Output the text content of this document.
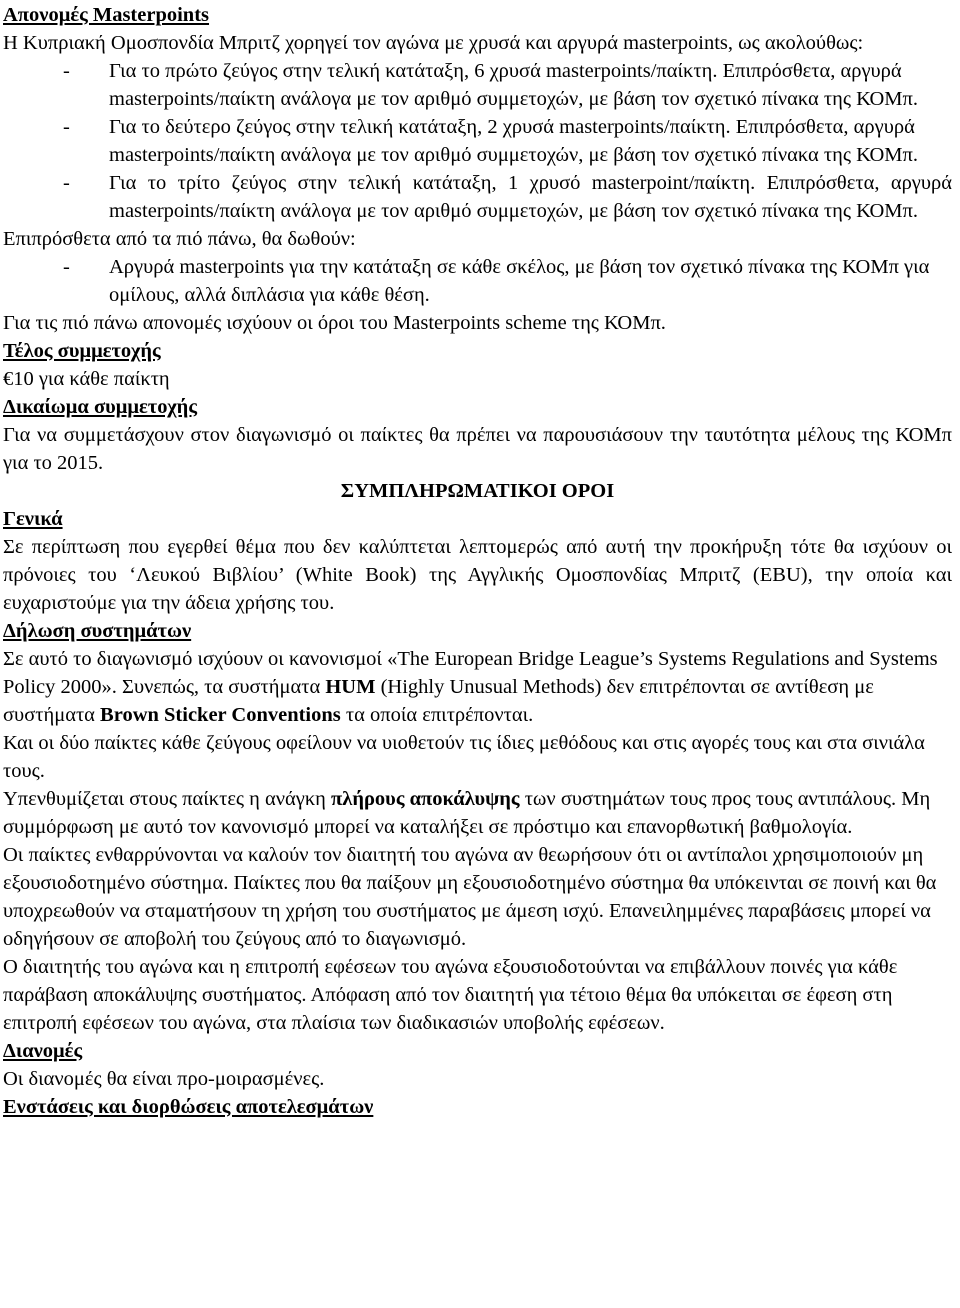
Απονομές Masterpoints

Η Κυπριακή Ομοσπονδία Μπριτζ χορηγεί τον αγώνα με χρυσά και αργυρά masterpoints, ως ακολούθως:

-	Για το πρώτο ζεύγος στην τελική κατάταξη, 6 χρυσά masterpoints/παίκτη. Επιπρόσθετα, αργυρά masterpoints/παίκτη ανάλογα με τον αριθμό συμμετοχών, με βάση τον σχετικό πίνακα της ΚΟΜπ.
-	Για το δεύτερο ζεύγος στην τελική κατάταξη, 2 χρυσά masterpoints/παίκτη. Επιπρόσθετα, αργυρά masterpoints/παίκτη ανάλογα με τον αριθμό συμμετοχών, με βάση τον σχετικό πίνακα της ΚΟΜπ.
-	Για το τρίτο ζεύγος στην τελική κατάταξη, 1 χρυσό masterpoint/παίκτη. Επιπρόσθετα, αργυρά masterpoints/παίκτη ανάλογα με τον αριθμό συμμετοχών, με βάση τον σχετικό πίνακα της ΚΟΜπ.

Επιπρόσθετα από τα πιό πάνω, θα δωθούν:

-	Αργυρά masterpoints για την κατάταξη σε κάθε σκέλος, με βάση τον σχετικό πίνακα της ΚΟΜπ για ομίλους, αλλά διπλάσια για κάθε θέση.

Για τις πιό πάνω απονομές ισχύουν οι όροι του Masterpoints scheme της ΚΟΜπ.

Τέλος συμμετοχής

€10 για κάθε παίκτη

Δικαίωμα συμμετοχής

Για να συμμετάσχουν στον διαγωνισμό οι παίκτες θα πρέπει να παρουσιάσουν την ταυτότητα μέλους της ΚΟΜπ για το 2015.

ΣΥΜΠΛΗΡΩΜΑΤΙΚΟΙ ΟΡΟΙ

Γενικά

Σε περίπτωση που εγερθεί θέμα που δεν καλύπτεται λεπτομερώς από αυτή την προκήρυξη τότε θα ισχύουν οι πρόνοιες του ‘Λευκού Βιβλίου’ (White Book) της Αγγλικής Ομοσπονδίας Μπριτζ (EBU), την οποία και ευχαριστούμε για την άδεια χρήσης του.

Δήλωση συστημάτων

Σε αυτό το διαγωνισμό ισχύουν οι κανονισμοί «The European Bridge League’s Systems Regulations and Systems Policy 2000». Συνεπώς, τα συστήματα HUM (Highly Unusual Methods) δεν επιτρέπονται σε αντίθεση με συστήματα Brown Sticker Conventions τα οποία επιτρέπονται.

Και οι δύο παίκτες κάθε ζεύγους οφείλουν να υιοθετούν τις ίδιες μεθόδους και στις αγορές τους και στα σινιάλα τους.

Υπενθυμίζεται στους παίκτες η ανάγκη πλήρους αποκάλυψης των συστημάτων τους προς τους αντιπάλους. Μη συμμόρφωση με αυτό τον κανονισμό μπορεί να καταλήξει σε πρόστιμο και επανορθωτική βαθμολογία.

Οι παίκτες ενθαρρύνονται να καλούν τον διαιτητή του αγώνα αν θεωρήσουν ότι οι αντίπαλοι χρησιμοποιούν μη εξουσιοδοτημένο σύστημα. Παίκτες που θα παίξουν μη εξουσιοδοτημένο σύστημα θα υπόκεινται σε ποινή και θα υποχρεωθούν να σταματήσουν τη χρήση του συστήματος με άμεση ισχύ. Επανειλημμένες παραβάσεις μπορεί να οδηγήσουν σε αποβολή του ζεύγους από το διαγωνισμό.

Ο διαιτητής του αγώνα και η επιτροπή εφέσεων του αγώνα εξουσιοδοτούνται να επιβάλλουν ποινές για κάθε παράβαση αποκάλυψης συστήματος. Απόφαση από τον διαιτητή για τέτοιο θέμα θα υπόκειται σε έφεση στη επιτροπή εφέσεων του αγώνα, στα πλαίσια των διαδικασιών υποβολής εφέσεων.

Διανομές

Οι διανομές θα είναι προ-μοιρασμένες.

Ενστάσεις και διορθώσεις αποτελεσμάτων
